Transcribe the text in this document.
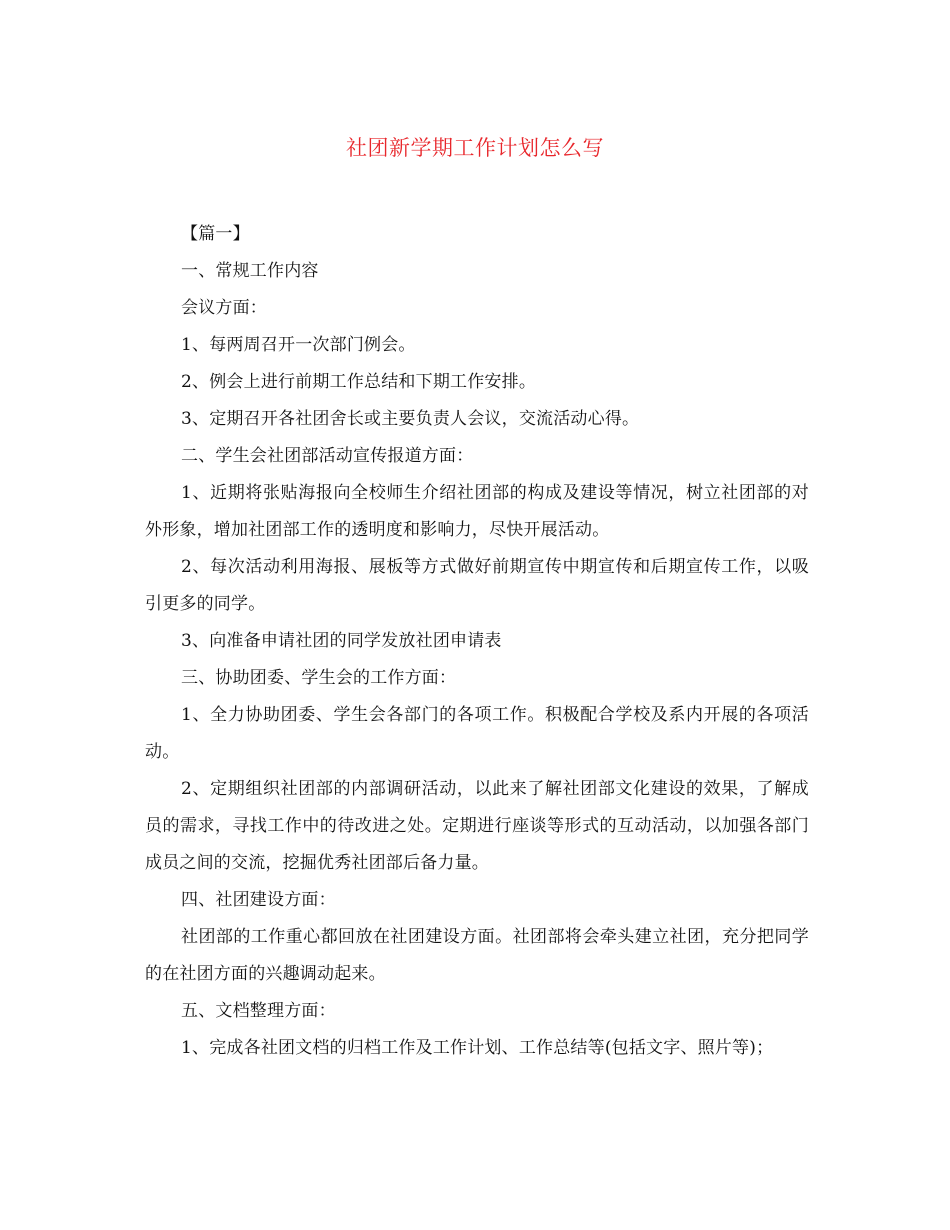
社团新学期工作计划怎么写

【篇一】

一、常规工作内容

会议方面：

1、每两周召开一次部门例会。

2、例会上进行前期工作总结和下期工作安排。

3、定期召开各社团舍长或主要负责人会议，交流活动心得。

二、学生会社团部活动宣传报道方面：

1、近期将张贴海报向全校师生介绍社团部的构成及建设等情况，树立社团部的对外形象，增加社团部工作的透明度和影响力，尽快开展活动。

2、每次活动利用海报、展板等方式做好前期宣传中期宣传和后期宣传工作，以吸引更多的同学。

3、向准备申请社团的同学发放社团申请表

三、协助团委、学生会的工作方面：

1、全力协助团委、学生会各部门的各项工作。积极配合学校及系内开展的各项活动。

2、定期组织社团部的内部调研活动，以此来了解社团部文化建设的效果，了解成员的需求，寻找工作中的待改进之处。定期进行座谈等形式的互动活动，以加强各部门成员之间的交流，挖掘优秀社团部后备力量。

四、社团建设方面：

社团部的工作重心都回放在社团建设方面。社团部将会牵头建立社团，充分把同学的在社团方面的兴趣调动起来。

五、文档整理方面：

1、完成各社团文档的归档工作及工作计划、工作总结等(包括文字、照片等)；
